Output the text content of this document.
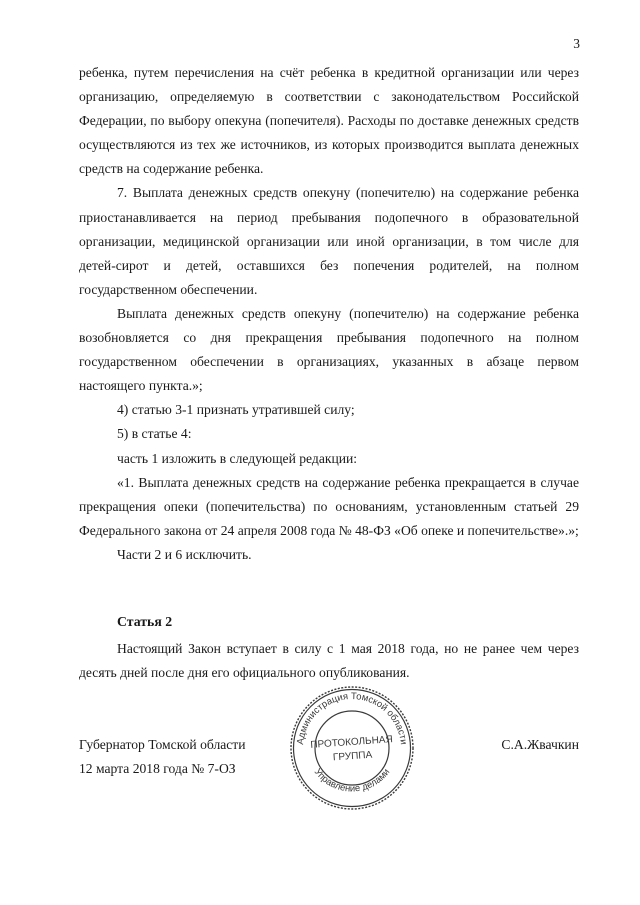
3

ребенка, путем перечисления на счёт ребенка в кредитной организации или через организацию, определяемую в соответствии с законодательством Российской Федерации, по выбору опекуна (попечителя). Расходы по доставке денежных средств осуществляются из тех же источников, из которых производится выплата денежных средств на содержание ребенка.

7. Выплата денежных средств опекуну (попечителю) на содержание ребенка приостанавливается на период пребывания подопечного в образовательной организации, медицинской организации или иной организации, в том числе для детей-сирот и детей, оставшихся без попечения родителей, на полном государственном обеспечении.

Выплата денежных средств опекуну (попечителю) на содержание ребенка возобновляется со дня прекращения пребывания подопечного на полном государственном обеспечении в организациях, указанных в абзаце первом настоящего пункта.»;

4) статью 3-1 признать утратившей силу;

5) в статье 4:

часть 1 изложить в следующей редакции:

«1. Выплата денежных средств на содержание ребенка прекращается в случае прекращения опеки (попечительства) по основаниям, установленным статьей 29 Федерального закона от 24 апреля 2008 года № 48-ФЗ «Об опеке и попечительстве».»;

Части 2 и 6 исключить.

Статья 2

Настоящий Закон вступает в силу с 1 мая 2018 года, но не ранее чем через десять дней после дня его официального опубликования.

Губернатор Томской области	С.А.Жвачкин
12 марта 2018 года № 7-ОЗ
Администрация Томской области
Управление делами
ПРОТОКОЛЬНАЯ
ГРУППА
